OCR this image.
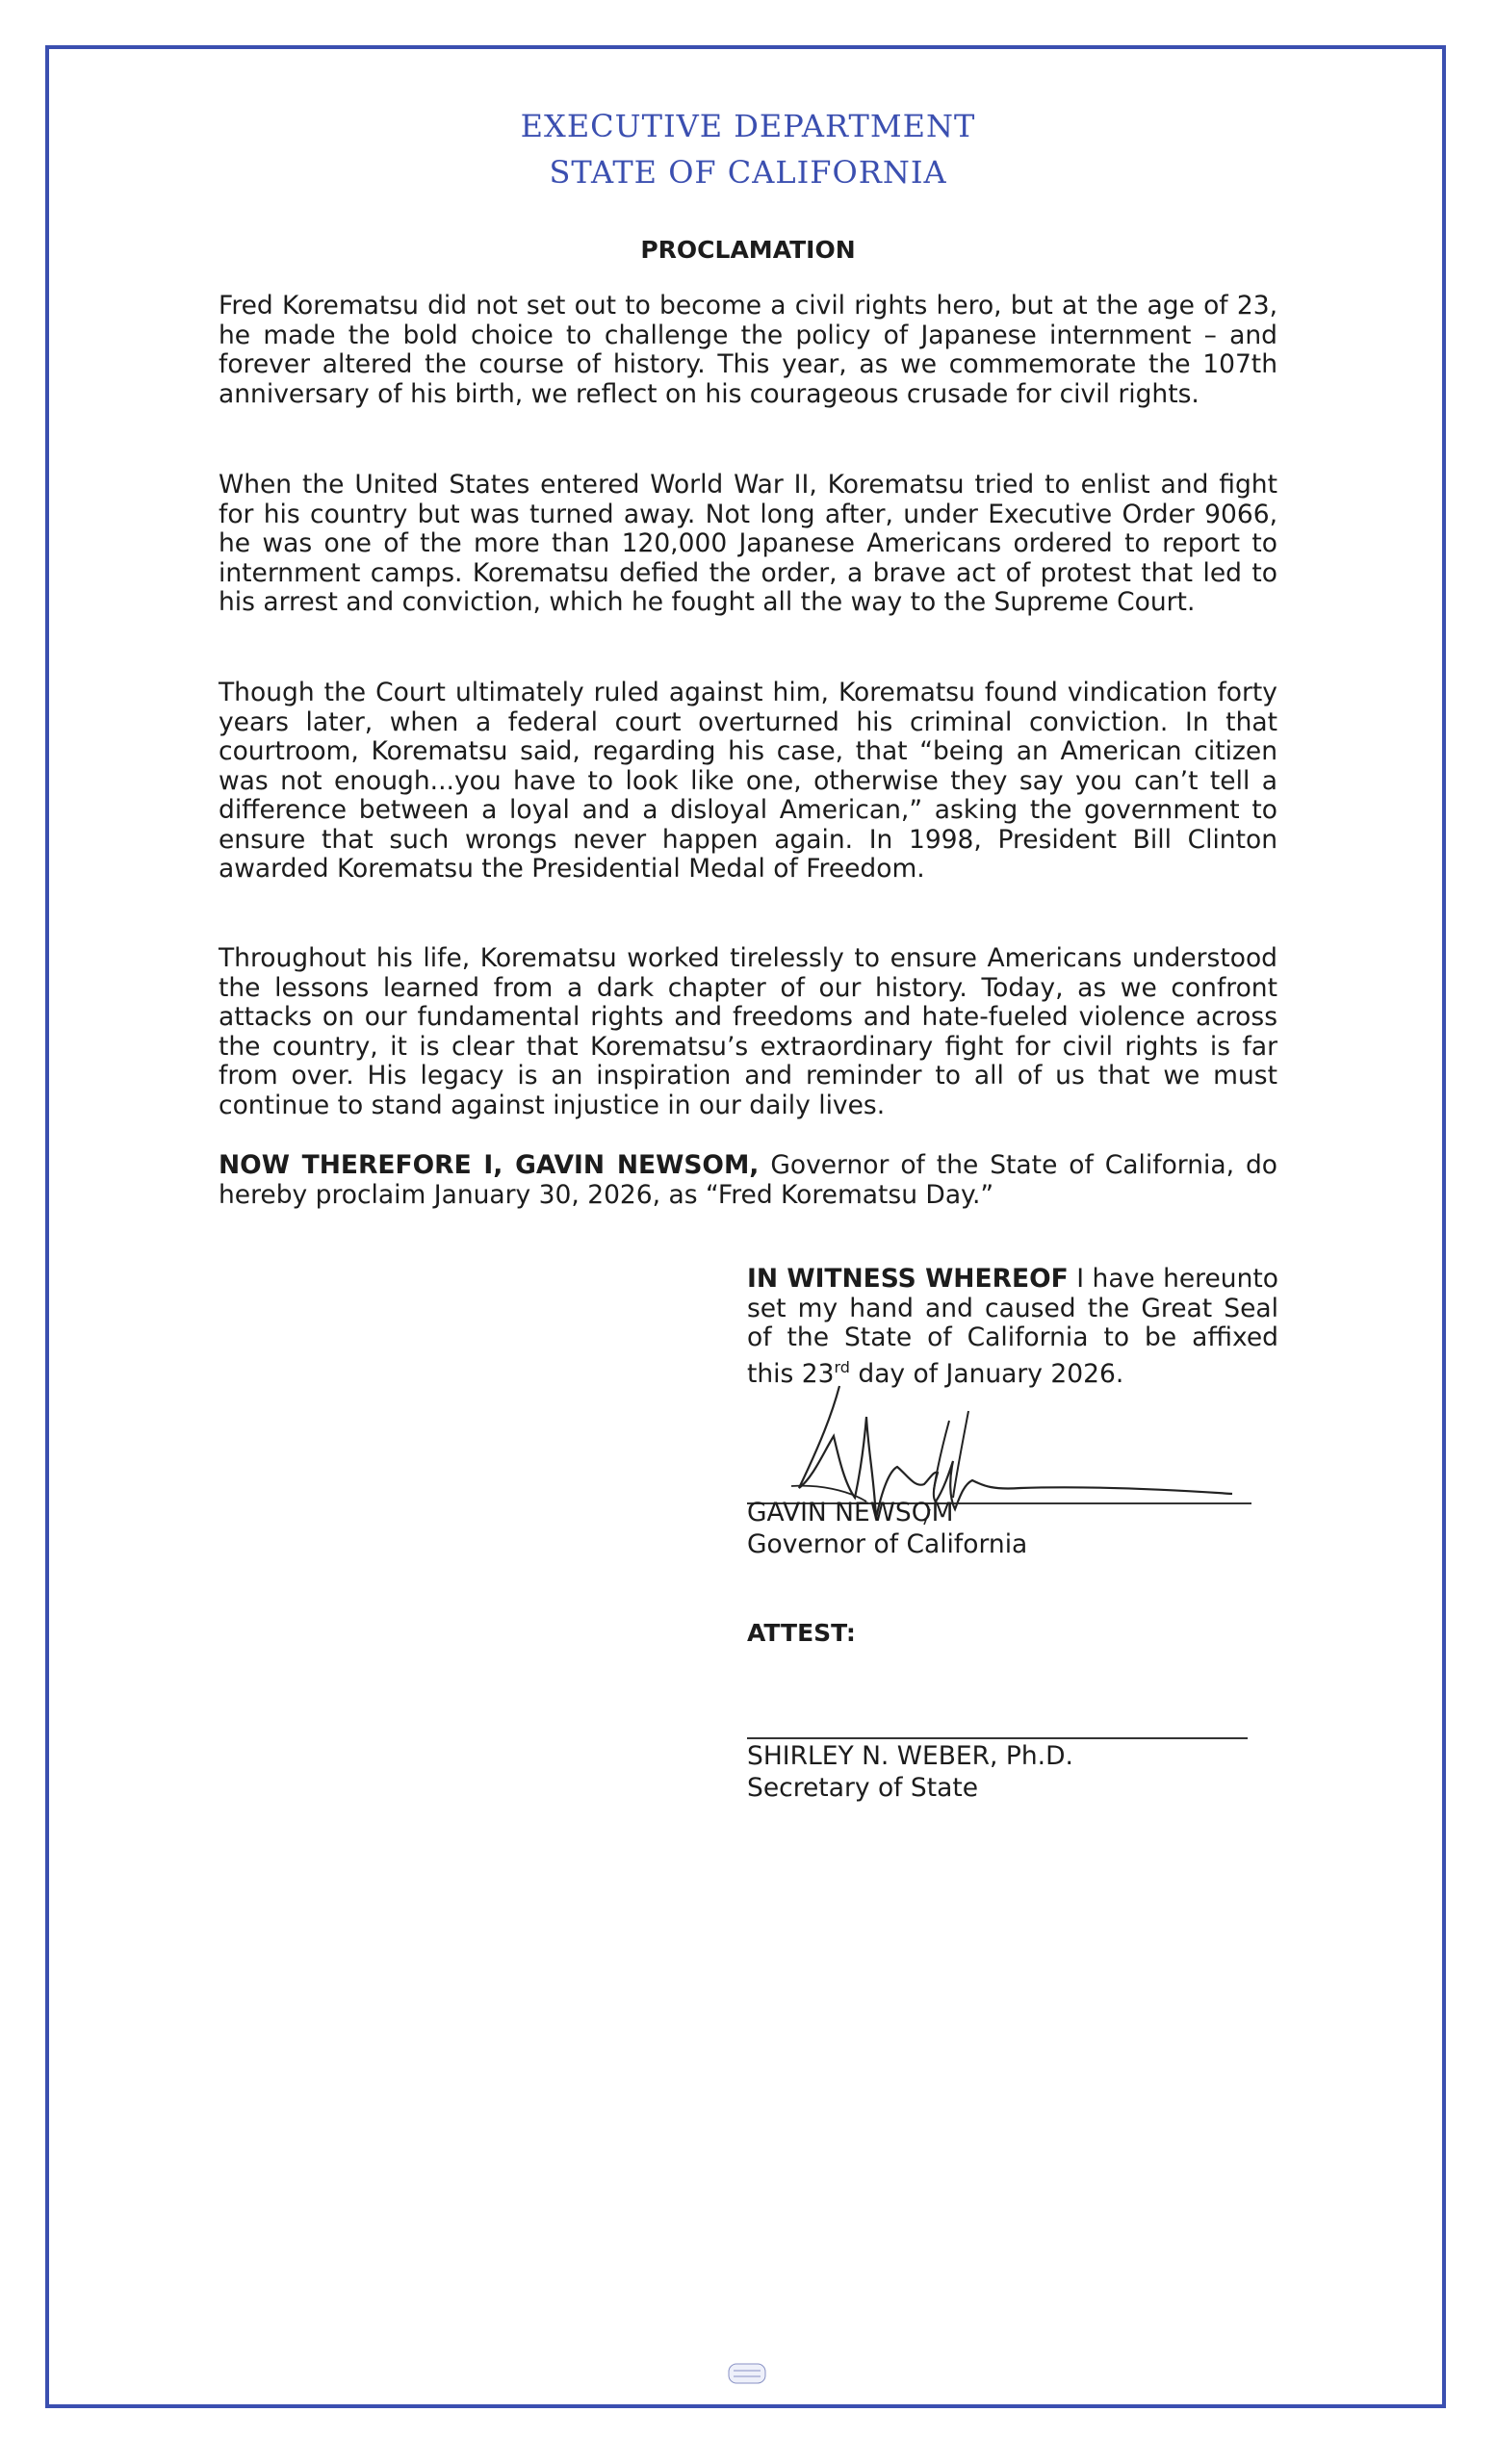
EXECUTIVE DEPARTMENT
STATE OF CALIFORNIA
PROCLAMATION

Fred Korematsu did not set out to become a civil rights hero, but at the age of 23, he made the bold choice to challenge the policy of Japanese internment – and forever altered the course of history. This year, as we commemorate the 107th anniversary of his birth, we reflect on his courageous crusade for civil rights.

When the United States entered World War II, Korematsu tried to enlist and fight for his country but was turned away. Not long after, under Executive Order 9066, he was one of the more than 120,000 Japanese Americans ordered to report to internment camps. Korematsu defied the order, a brave act of protest that led to his arrest and conviction, which he fought all the way to the Supreme Court.

Though the Court ultimately ruled against him, Korematsu found vindication forty years later, when a federal court overturned his criminal conviction. In that courtroom, Korematsu said, regarding his case, that “being an American citizen was not enough...you have to look like one, otherwise they say you can’t tell a difference between a loyal and a disloyal American,” asking the government to ensure that such wrongs never happen again. In 1998, President Bill Clinton awarded Korematsu the Presidential Medal of Freedom.

Throughout his life, Korematsu worked tirelessly to ensure Americans understood the lessons learned from a dark chapter of our history. Today, as we confront attacks on our fundamental rights and freedoms and hate-fueled violence across the country, it is clear that Korematsu’s extraordinary fight for civil rights is far from over. His legacy is an inspiration and reminder to all of us that we must continue to stand against injustice in our daily lives.

NOW THEREFORE I, GAVIN NEWSOM, Governor of the State of California, do hereby proclaim January 30, 2026, as “Fred Korematsu Day.”

IN WITNESS WHEREOF I have hereunto set my hand and caused the Great Seal of the State of California to be affixed this 23rd day of January 2026.

GAVIN NEWSOM
Governor of California
ATTEST:
SHIRLEY N. WEBER, Ph.D.
Secretary of State
